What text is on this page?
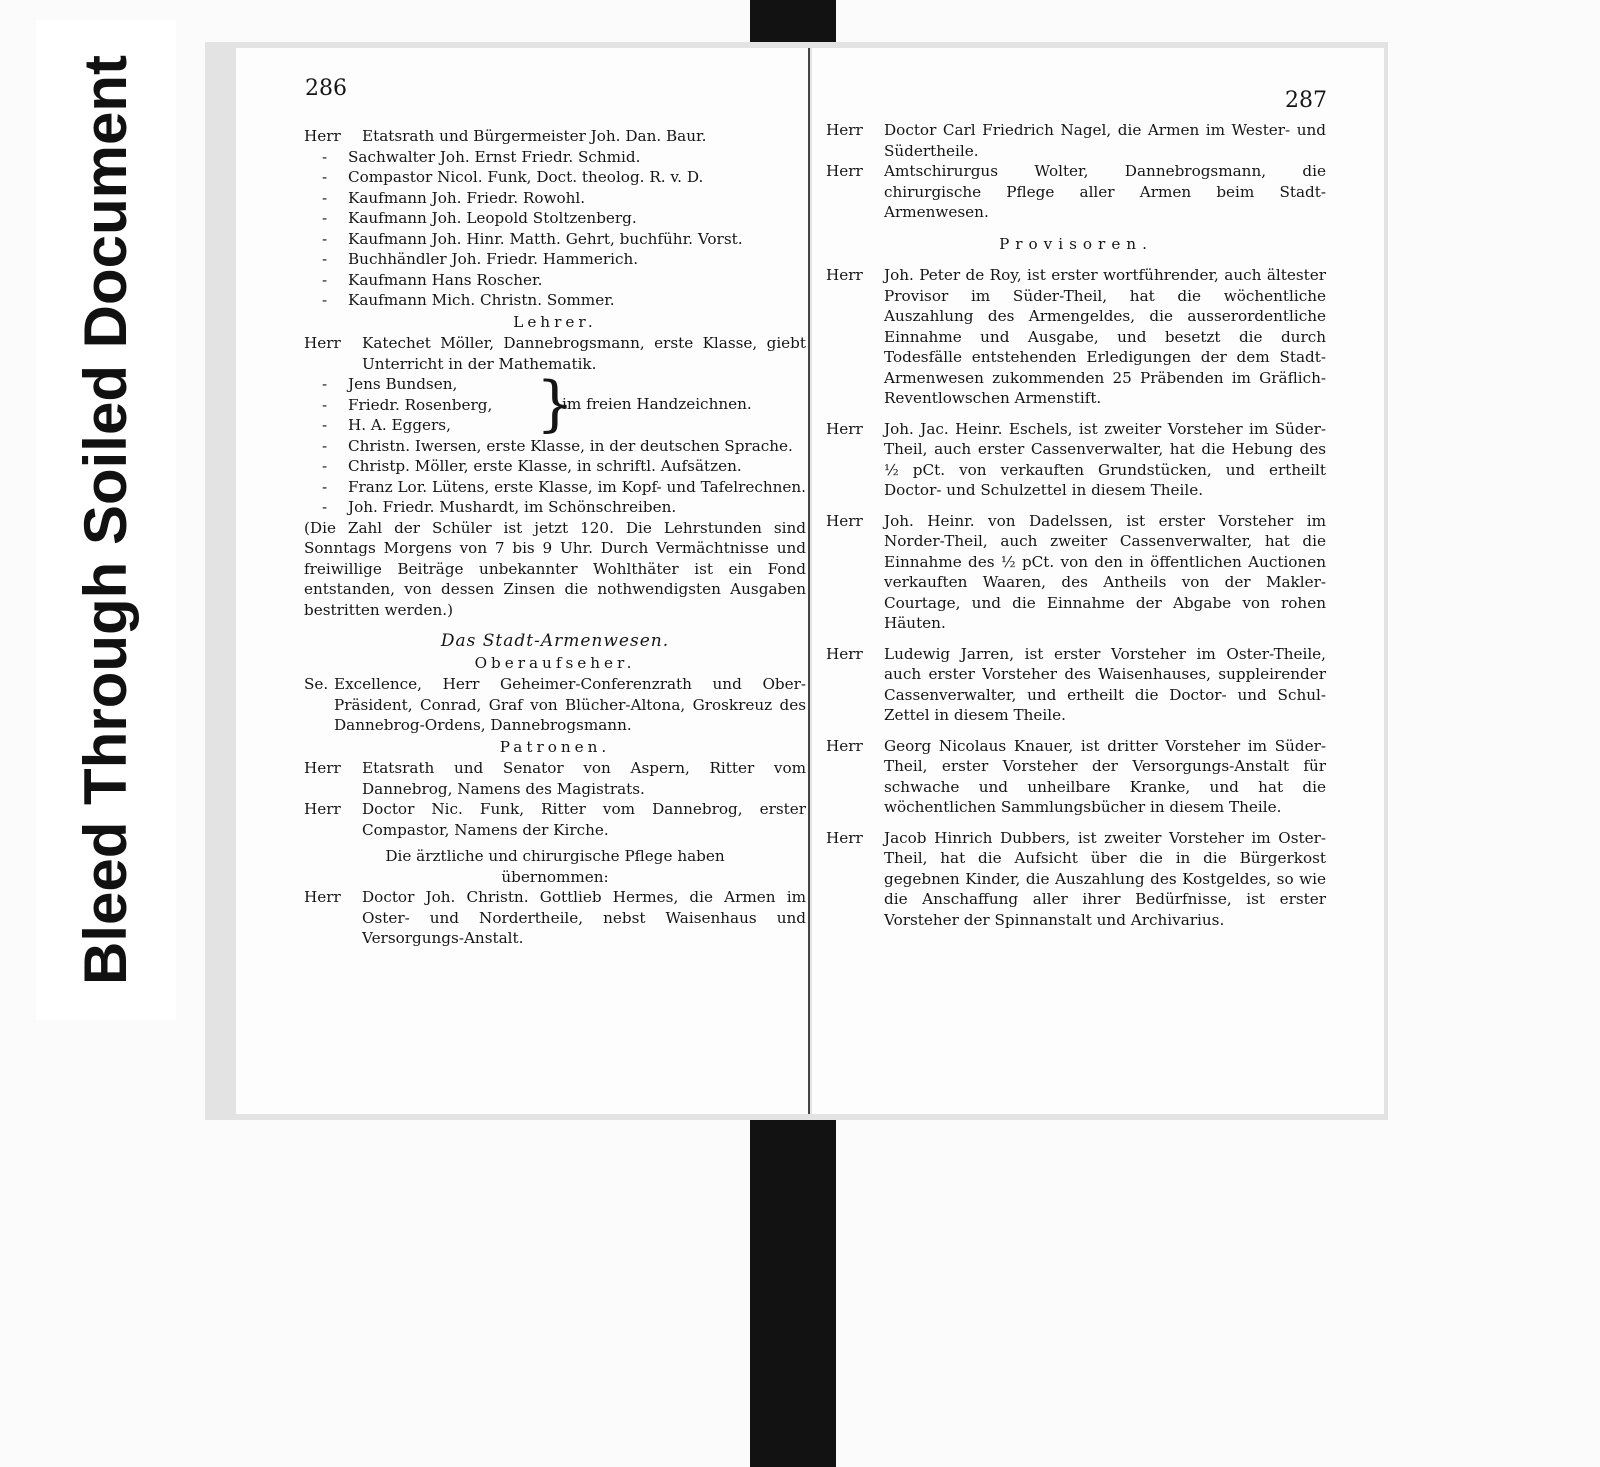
Bleed Through Soiled Document	286	287
Herr Etatsrath und Bürgermeister Joh. Dan. Baur.
- Sachwalter Joh. Ernst Friedr. Schmid.
- Compastor Nicol. Funk, Doct. theolog. R. v. D.
- Kaufmann Joh. Friedr. Rowohl.
- Kaufmann Joh. Leopold Stoltzenberg.
- Kaufmann Joh. Hinr. Matth. Gehrt, buchführ. Vorst.
- Buchhändler Joh. Friedr. Hammerich.
- Kaufmann Hans Roscher.
- Kaufmann Mich. Christn. Sommer.
Lehrer.
Herr Katechet Möller, Dannebrogsmann, erste Klasse, giebt Unterricht in der Mathematik.
- Jens Bundsen,
- Friedr. Rosenberg,
- H. A. Eggers,	}
im freien Handzeichnen.
- Christn. Iwersen, erste Klasse, in der deutschen Sprache.
- Christp. Möller, erste Klasse, in schriftl. Aufsätzen.
- Franz Lor. Lütens, erste Klasse, im Kopf- und Tafelrechnen.
- Joh. Friedr. Mushardt, im Schönschreiben.
(Die Zahl der Schüler ist jetzt 120. Die Lehrstunden sind Sonntags Morgens von 7 bis 9 Uhr. Durch Vermächtnisse und freiwillige Beiträge unbekannter Wohlthäter ist ein Fond entstanden, von dessen Zinsen die nothwendigsten Ausgaben bestritten werden.)
Das Stadt-Armenwesen.
Oberaufseher.
Se. Excellence, Herr Geheimer-Conferenzrath und Ober-Präsident, Conrad, Graf von Blücher-Altona, Groskreuz des Dannebrog-Ordens, Dannebrogsmann.
Patronen.
Herr Etatsrath und Senator von Aspern, Ritter vom Dannebrog, Namens des Magistrats.
Herr Doctor Nic. Funk, Ritter vom Dannebrog, erster Compastor, Namens der Kirche.
Die ärztliche und chirurgische Pflege haben übernommen:
Herr Doctor Joh. Christn. Gottlieb Hermes, die Armen im Oster- und Nordertheile, nebst Waisenhaus und Versorgungs-Anstalt.
Herr Doctor Carl Friedrich Nagel, die Armen im Wester- und Südertheile.
Herr Amtschirurgus Wolter, Dannebrogsmann, die chirurgische Pflege aller Armen beim Stadt-Armenwesen.
Provisoren.
Herr Joh. Peter de Roy, ist erster wortführender, auch ältester Provisor im Süder-Theil, hat die wöchentliche Auszahlung des Armengeldes, die ausserordentliche Einnahme und Ausgabe, und besetzt die durch Todesfälle entstehenden Erledigungen der dem Stadt-Armenwesen zukommenden 25 Präbenden im Gräflich-Reventlowschen Armenstift.
Herr Joh. Jac. Heinr. Eschels, ist zweiter Vorsteher im Süder-Theil, auch erster Cassenverwalter, hat die Hebung des ½ pCt. von verkauften Grundstücken, und ertheilt Doctor- und Schulzettel in diesem Theile.
Herr Joh. Heinr. von Dadelssen, ist erster Vorsteher im Norder-Theil, auch zweiter Cassenverwalter, hat die Einnahme des ½ pCt. von den in öffentlichen Auctionen verkauften Waaren, des Antheils von der Makler-Courtage, und die Einnahme der Abgabe von rohen Häuten.
Herr Ludewig Jarren, ist erster Vorsteher im Oster-Theile, auch erster Vorsteher des Waisenhauses, suppleirender Cassenverwalter, und ertheilt die Doctor- und Schul-Zettel in diesem Theile.
Herr Georg Nicolaus Knauer, ist dritter Vorsteher im Süder-Theil, erster Vorsteher der Versorgungs-Anstalt für schwache und unheilbare Kranke, und hat die wöchentlichen Sammlungsbücher in diesem Theile.
Herr Jacob Hinrich Dubbers, ist zweiter Vorsteher im Oster-Theil, hat die Aufsicht über die in die Bürgerkost gegebnen Kinder, die Auszahlung des Kostgeldes, so wie die Anschaffung aller ihrer Bedürfnisse, ist erster Vorsteher der Spinnanstalt und Archivarius.
